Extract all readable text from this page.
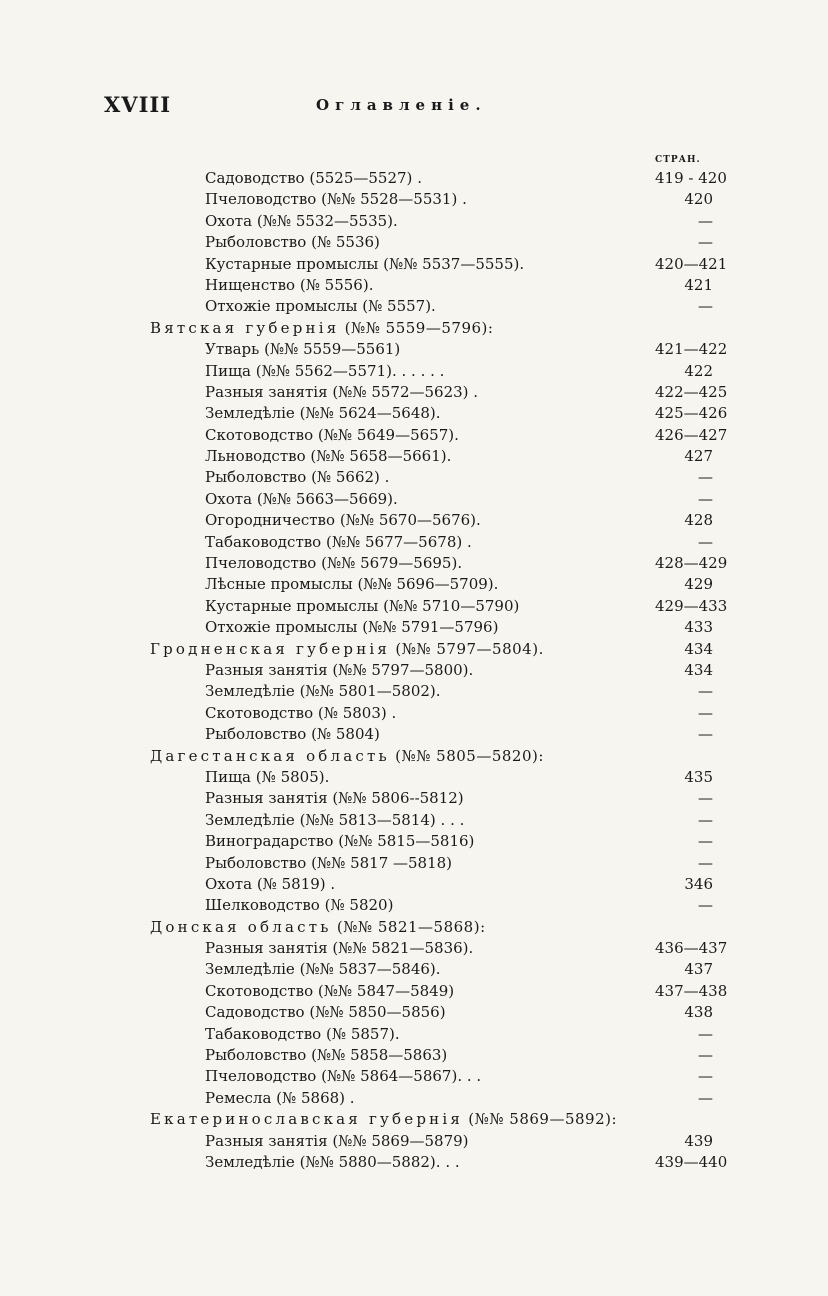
XVIII	Оглавленіе.
СТРАН.
Садоводство (5525—5527) .	419 - 420
Пчеловодство (№№ 5528—5531) .	420
Охота (№№ 5532—5535).	—
Рыболовство (№ 5536)	—
Кустарные промыслы (№№ 5537—5555).	420—421
Нищенство (№ 5556).	421
Отхожіе промыслы (№ 5557).	—
Вятская губернія (№№ 5559—5796):
Утварь (№№ 5559—5561)	421—422
Пища (№№ 5562—5571). . . . . .	422
Разныя занятія (№№ 5572—5623) .	422—425
Земледѣліе (№№ 5624—5648).	425—426
Скотоводство (№№ 5649—5657).	426—427
Льноводство (№№ 5658—5661).	427
Рыболовство (№ 5662) .	—
Охота (№№ 5663—5669).	—
Огородничество (№№ 5670—5676).	428
Табаководство (№№ 5677—5678) .	—
Пчеловодство (№№ 5679—5695).	428—429
Лѣсные промыслы (№№ 5696—5709).	429
Кустарные промыслы (№№ 5710—5790)	429—433
Отхожіе промыслы (№№ 5791—5796)	433
Гродненская губернія (№№ 5797—5804).	434
Разныя занятія (№№ 5797—5800).	434
Земледѣліе (№№ 5801—5802).	—
Скотоводство (№ 5803) .	—
Рыболовство (№ 5804)	—
Дагестанская область (№№ 5805—5820):
Пища (№ 5805).	435
Разныя занятія (№№ 5806--5812)	—
Земледѣліе (№№ 5813—5814) . . .	—
Виноградарство (№№ 5815—5816)	—
Рыболовство (№№ 5817 —5818)	—
Охота (№ 5819) .	346
Шелководство (№ 5820)	—
Донская область (№№ 5821—5868):
Разныя занятія (№№ 5821—5836).	436—437
Земледѣліе (№№ 5837—5846).	437
Скотоводство (№№ 5847—5849)	437—438
Садоводство (№№ 5850—5856)	438
Табаководство (№ 5857).	—
Рыболовство (№№ 5858—5863)	—
Пчеловодство (№№ 5864—5867). . .	—
Ремесла (№ 5868) .	—
Екатеринославская губернія (№№ 5869—5892):
Разныя занятія (№№ 5869—5879)	439
Земледѣліе (№№ 5880—5882). . .	439—440
